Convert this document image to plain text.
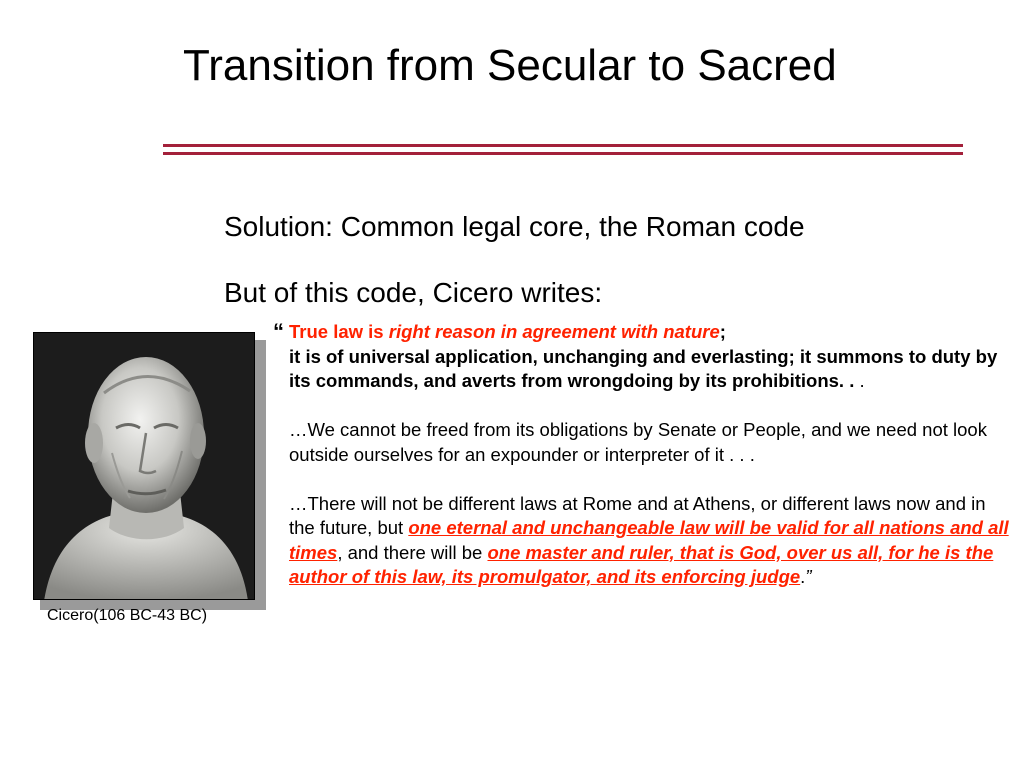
Transition from Secular to Sacred
Solution: Common legal core, the Roman code
But of this code, Cicero writes:
Cicero(106 BC-43 BC)
“ True law is right reason in agreement with nature;
it is of universal application, unchanging and everlasting; it summons to duty by its commands, and averts from wrongdoing by its prohibitions. . .

…We cannot be freed from its obligations by Senate or People, and we need not look outside ourselves for an expounder or interpreter of it . . .

…There will not be different laws at Rome and at Athens, or different laws now and in the future, but one eternal and unchangeable law will be valid for all nations and all times, and there will be one master and ruler, that is God, over us all, for he is the author of this law, its promulgator, and its enforcing judge.”
